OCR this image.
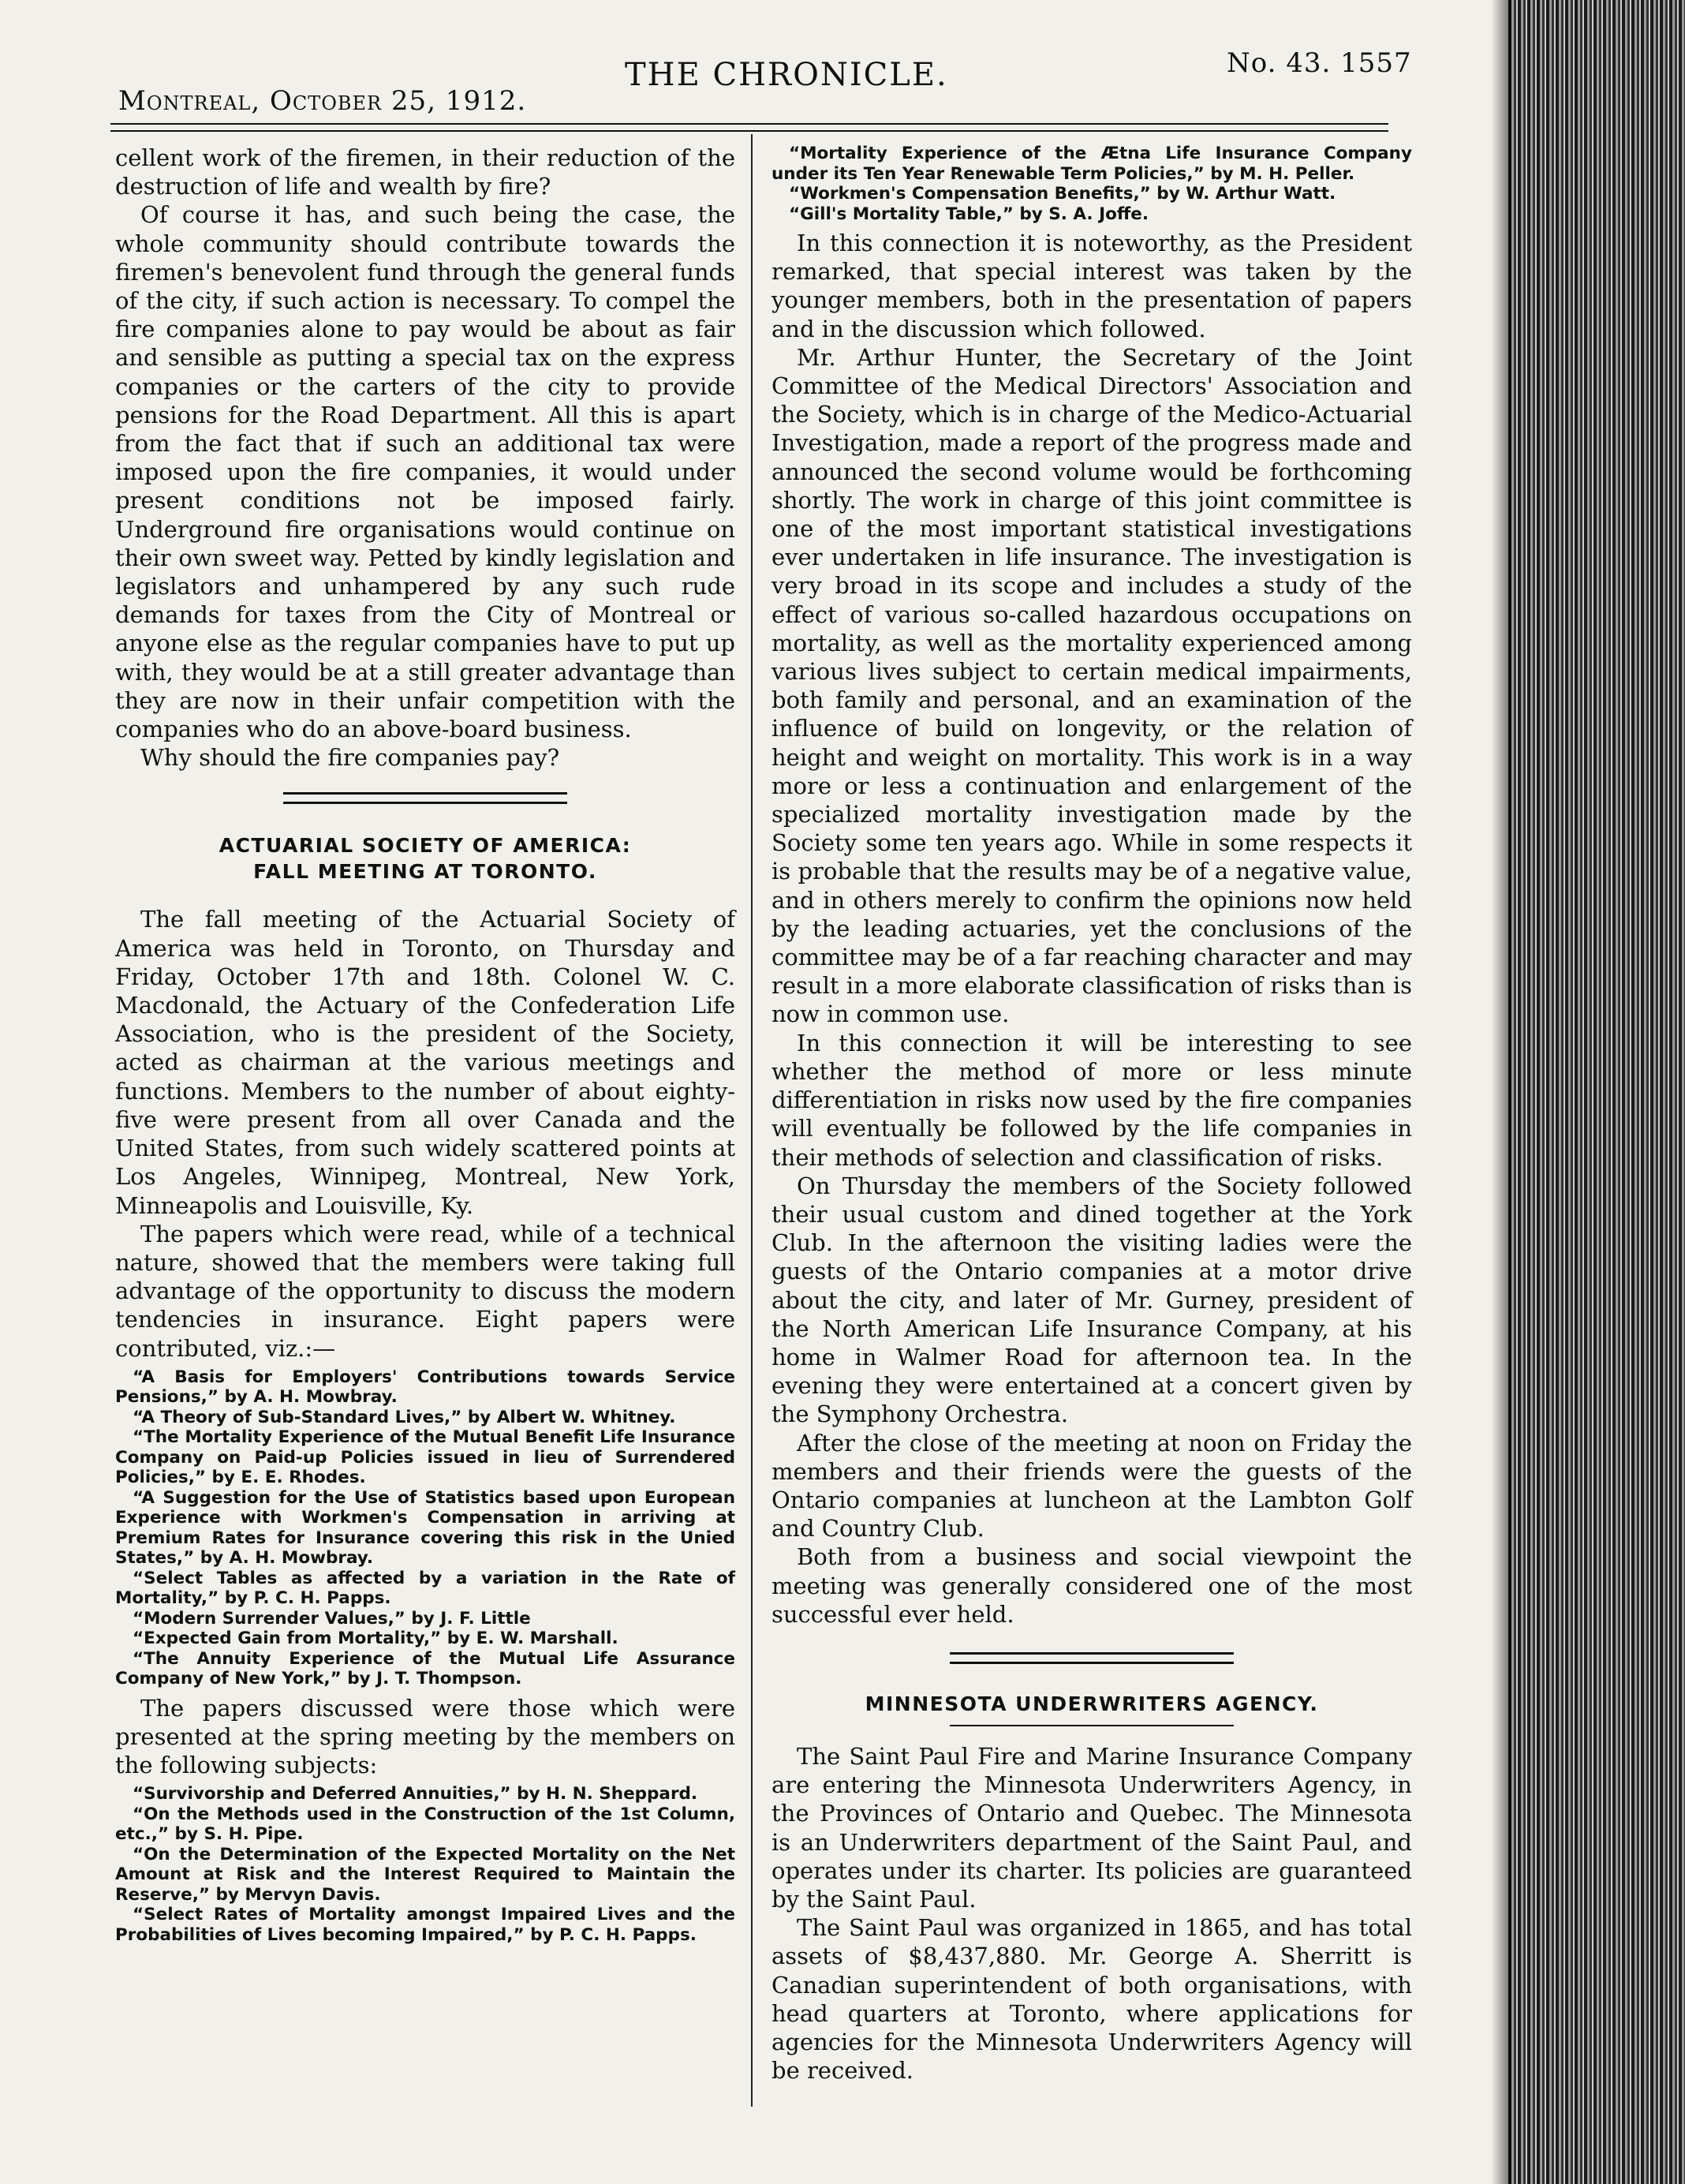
Montreal, October 25, 1912.
THE CHRONICLE.	No. 43. 1557

cellent work of the firemen, in their reduction of the destruction of life and wealth by fire?

Of course it has, and such being the case, the whole community should contribute towards the firemen's benevolent fund through the general funds of the city, if such action is necessary. To compel the fire companies alone to pay would be about as fair and sensible as putting a special tax on the express companies or the carters of the city to provide pensions for the Road Department. All this is apart from the fact that if such an additional tax were imposed upon the fire companies, it would under present conditions not be imposed fairly. Underground fire organisations would continue on their own sweet way. Petted by kindly legislation and legislators and unhampered by any such rude demands for taxes from the City of Montreal or anyone else as the regular companies have to put up with, they would be at a still greater advantage than they are now in their unfair competition with the companies who do an above-board business.

Why should the fire companies pay?

ACTUARIAL SOCIETY OF AMERICA:

FALL MEETING AT TORONTO.

The fall meeting of the Actuarial Society of America was held in Toronto, on Thursday and Friday, October 17th and 18th. Colonel W. C. Macdonald, the Actuary of the Confederation Life Association, who is the president of the Society, acted as chairman at the various meetings and functions. Members to the number of about eighty-five were present from all over Canada and the United States, from such widely scattered points at Los Angeles, Winnipeg, Montreal, New York, Minneapolis and Louisville, Ky.

The papers which were read, while of a technical nature, showed that the members were taking full advantage of the opportunity to discuss the modern tendencies in insurance. Eight papers were contributed, viz.:—

“A Basis for Employers' Contributions towards Service Pensions,” by A. H. Mowbray.

“A Theory of Sub-Standard Lives,” by Albert W. Whitney.

“The Mortality Experience of the Mutual Benefit Life Insurance Company on Paid-up Policies issued in lieu of Surrendered Policies,” by E. E. Rhodes.

“A Suggestion for the Use of Statistics based upon European Experience with Workmen's Compensation in arriving at Premium Rates for Insurance covering this risk in the Unied States,” by A. H. Mowbray.

“Select Tables as affected by a variation in the Rate of Mortality,” by P. C. H. Papps.

“Modern Surrender Values,” by J. F. Little

“Expected Gain from Mortality,” by E. W. Marshall.

“The Annuity Experience of the Mutual Life Assurance Company of New York,” by J. T. Thompson.

The papers discussed were those which were presented at the spring meeting by the members on the following subjects:

“Survivorship and Deferred Annuities,” by H. N. Sheppard.

“On the Methods used in the Construction of the 1st Column, etc.,” by S. H. Pipe.

“On the Determination of the Expected Mortality on the Net Amount at Risk and the Interest Required to Maintain the Reserve,” by Mervyn Davis.

“Select Rates of Mortality amongst Impaired Lives and the Probabilities of Lives becoming Impaired,” by P. C. H. Papps.

“Mortality Experience of the Ætna Life Insurance Company under its Ten Year Renewable Term Policies,” by M. H. Peller.

“Workmen's Compensation Benefits,” by W. Arthur Watt.

“Gill's Mortality Table,” by S. A. Joffe.

In this connection it is noteworthy, as the President remarked, that special interest was taken by the younger members, both in the presentation of papers and in the discussion which followed.

Mr. Arthur Hunter, the Secretary of the Joint Committee of the Medical Directors' Association and the Society, which is in charge of the Medico-Actuarial Investigation, made a report of the progress made and announced the second volume would be forthcoming shortly. The work in charge of this joint committee is one of the most important statistical investigations ever undertaken in life insurance. The investigation is very broad in its scope and includes a study of the effect of various so-called hazardous occupations on mortality, as well as the mortality experienced among various lives subject to certain medical impairments, both family and personal, and an examination of the influence of build on longevity, or the relation of height and weight on mortality. This work is in a way more or less a continuation and enlargement of the specialized mortality investigation made by the Society some ten years ago. While in some respects it is probable that the results may be of a negative value, and in others merely to confirm the opinions now held by the leading actuaries, yet the conclusions of the committee may be of a far reaching character and may result in a more elaborate classification of risks than is now in common use.

In this connection it will be interesting to see whether the method of more or less minute differentiation in risks now used by the fire companies will eventually be followed by the life companies in their methods of selection and classification of risks.

On Thursday the members of the Society followed their usual custom and dined together at the York Club. In the afternoon the visiting ladies were the guests of the Ontario companies at a motor drive about the city, and later of Mr. Gurney, president of the North American Life Insurance Company, at his home in Walmer Road for afternoon tea. In the evening they were entertained at a concert given by the Symphony Orchestra.

After the close of the meeting at noon on Friday the members and their friends were the guests of the Ontario companies at luncheon at the Lambton Golf and Country Club.

Both from a business and social viewpoint the meeting was generally considered one of the most successful ever held.

MINNESOTA UNDERWRITERS AGENCY.

The Saint Paul Fire and Marine Insurance Company are entering the Minnesota Underwriters Agency, in the Provinces of Ontario and Quebec. The Minnesota is an Underwriters department of the Saint Paul, and operates under its charter. Its policies are guaranteed by the Saint Paul.

The Saint Paul was organized in 1865, and has total assets of $8,437,880. Mr. George A. Sherritt is Canadian superintendent of both organisations, with head quarters at Toronto, where applications for agencies for the Minnesota Underwriters Agency will be received.
